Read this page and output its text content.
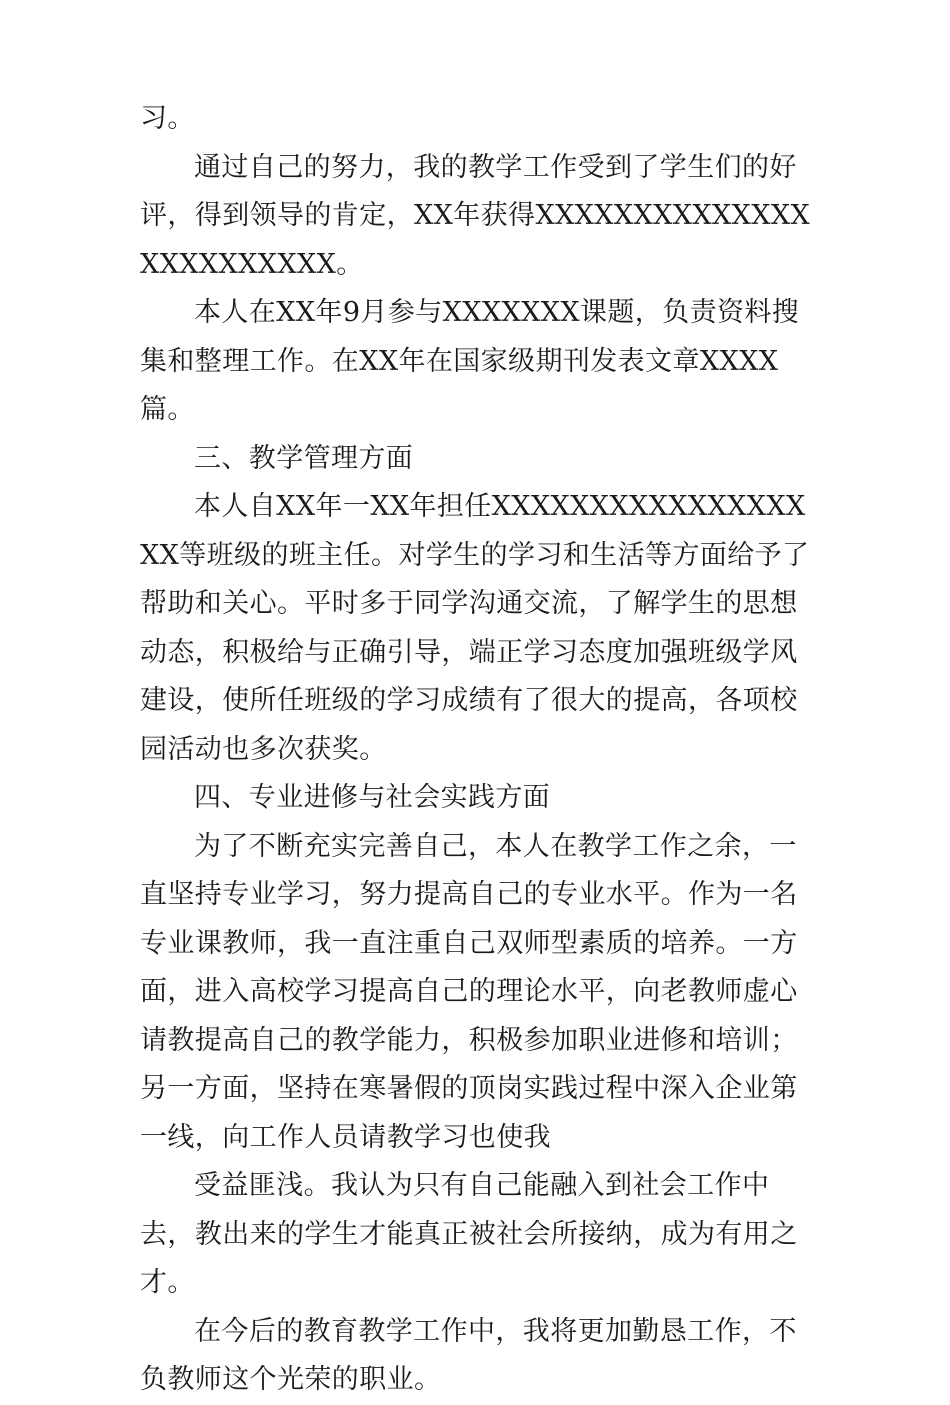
习。

通过自己的努力，我的教学工作受到了学生们的好评，得到领导的肯定，XX年获得XXXXXXXXXXXXXXXXXXXXXXXX。

本人在XX年9月参与XXXXXXX课题，负责资料搜集和整理工作。在XX年在国家级期刊发表文章XXXX篇。

三、教学管理方面

本人自XX年一XX年担任XXXXXXXXXXXXXXXXXX等班级的班主任。对学生的学习和生活等方面给予了帮助和关心。平时多于同学沟通交流，了解学生的思想动态，积极给与正确引导，端正学习态度加强班级学风建设，使所任班级的学习成绩有了很大的提高，各项校园活动也多次获奖。

四、专业进修与社会实践方面

为了不断充实完善自己，本人在教学工作之余，一直坚持专业学习，努力提高自己的专业水平。作为一名专业课教师，我一直注重自己双师型素质的培养。一方面，进入高校学习提高自己的理论水平，向老教师虚心请教提高自己的教学能力，积极参加职业进修和培训；另一方面，坚持在寒暑假的顶岗实践过程中深入企业第一线，向工作人员请教学习也使我

受益匪浅。我认为只有自己能融入到社会工作中去，教出来的学生才能真正被社会所接纳，成为有用之才。

在今后的教育教学工作中，我将更加勤恳工作，不负教师这个光荣的职业。
